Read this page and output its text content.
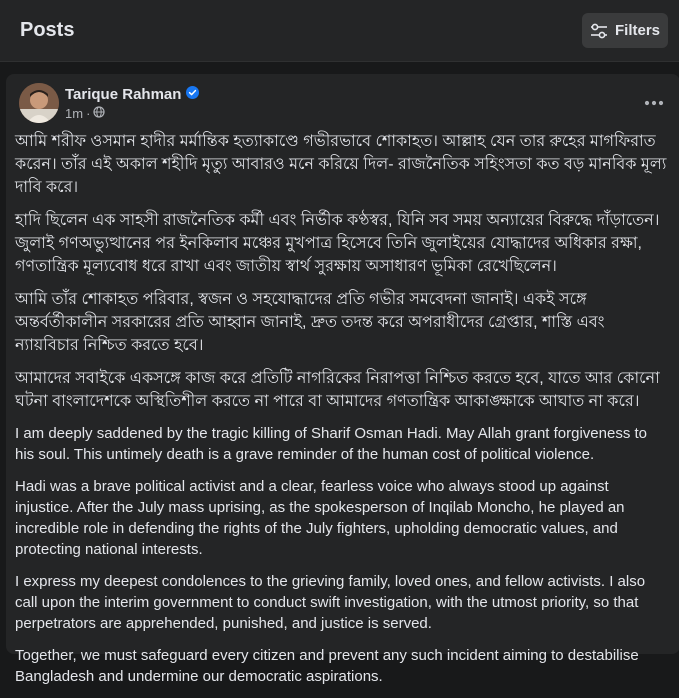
Posts	Filters
Tarique Rahman
1m ·

আমি শরীফ ওসমান হাদীর মর্মান্তিক হত্যাকাণ্ডে গভীরভাবে শোকাহত। আল্লাহ যেন তার রুহের মাগফিরাত করেন। তাঁর এই অকাল শহীদি মৃত্যু আবারও মনে করিয়ে দিল- রাজনৈতিক সহিংসতা কত বড় মানবিক মূল্য দাবি করে।

হাদি ছিলেন এক সাহসী রাজনৈতিক কর্মী এবং নির্ভীক কণ্ঠস্বর, যিনি সব সময় অন্যায়ের বিরুদ্ধে দাঁড়াতেন। জুলাই গণঅভ্যুত্থানের পর ইনকিলাব মঞ্চের মুখপাত্র হিসেবে তিনি জুলাইয়ের যোদ্ধাদের অধিকার রক্ষা, গণতান্ত্রিক মূল্যবোধ ধরে রাখা এবং জাতীয় স্বার্থ সুরক্ষায় অসাধারণ ভূমিকা রেখেছিলেন।

আমি তাঁর শোকাহত পরিবার, স্বজন ও সহযোদ্ধাদের প্রতি গভীর সমবেদনা জানাই। একই সঙ্গে অন্তর্বর্তীকালীন সরকারের প্রতি আহ্বান জানাই, দ্রুত তদন্ত করে অপরাধীদের গ্রেপ্তার, শাস্তি এবং ন্যায়বিচার নিশ্চিত করতে হবে।

আমাদের সবাইকে একসঙ্গে কাজ করে প্রতিটি নাগরিকের নিরাপত্তা নিশ্চিত করতে হবে, যাতে আর কোনো ঘটনা বাংলাদেশকে অস্থিতিশীল করতে না পারে বা আমাদের গণতান্ত্রিক আকাঙ্ক্ষাকে আঘাত না করে।

I am deeply saddened by the tragic killing of Sharif Osman Hadi. May Allah grant forgiveness to his soul. This untimely death is a grave reminder of the human cost of political violence.

Hadi was a brave political activist and a clear, fearless voice who always stood up against injustice. After the July mass uprising, as the spokesperson of Inqilab Moncho, he played an incredible role in defending the rights of the July fighters, upholding democratic values, and protecting national interests.

I express my deepest condolences to the grieving family, loved ones, and fellow activists. I also call upon the interim government to conduct swift investigation, with the utmost priority, so that perpetrators are apprehended, punished, and justice is served.

Together, we must safeguard every citizen and prevent any such incident aiming to destabilise Bangladesh and undermine our democratic aspirations.
